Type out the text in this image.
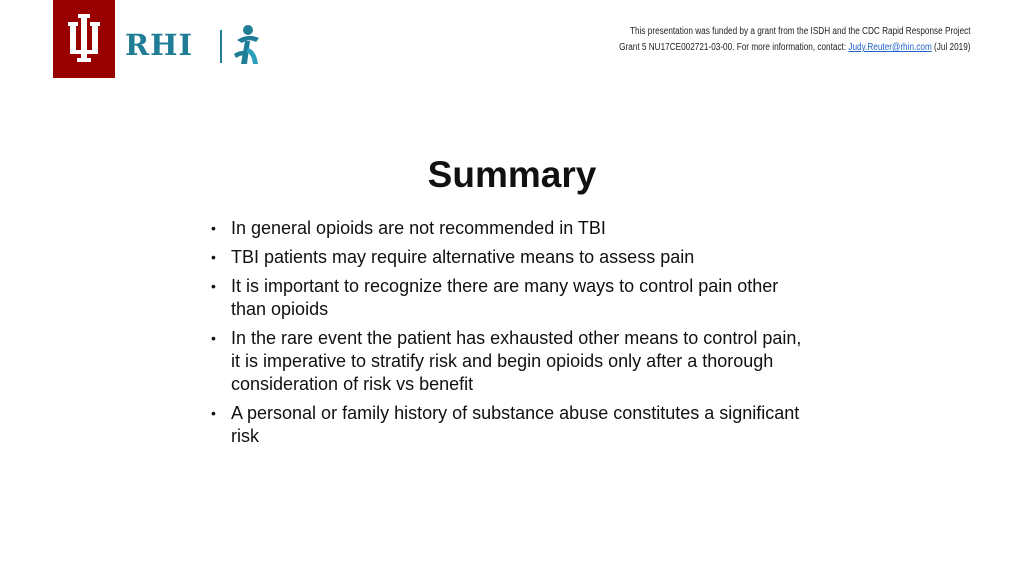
RHI	This presentation was funded by a grant from the ISDH and the CDC Rapid Response Project
Grant 5 NU17CE002721-03-00. For more information, contact: Judy.Reuter@rhin.com (Jul 2019)
Summary
• In general opioids are not recommended in TBI
• TBI patients may require alternative means to assess pain
• It is important to recognize there are many ways to control pain other than opioids
• In the rare event the patient has exhausted other means to control pain, it is imperative to stratify risk and begin opioids only after a thorough consideration of risk vs benefit
• A personal or family history of substance abuse constitutes a significant risk
